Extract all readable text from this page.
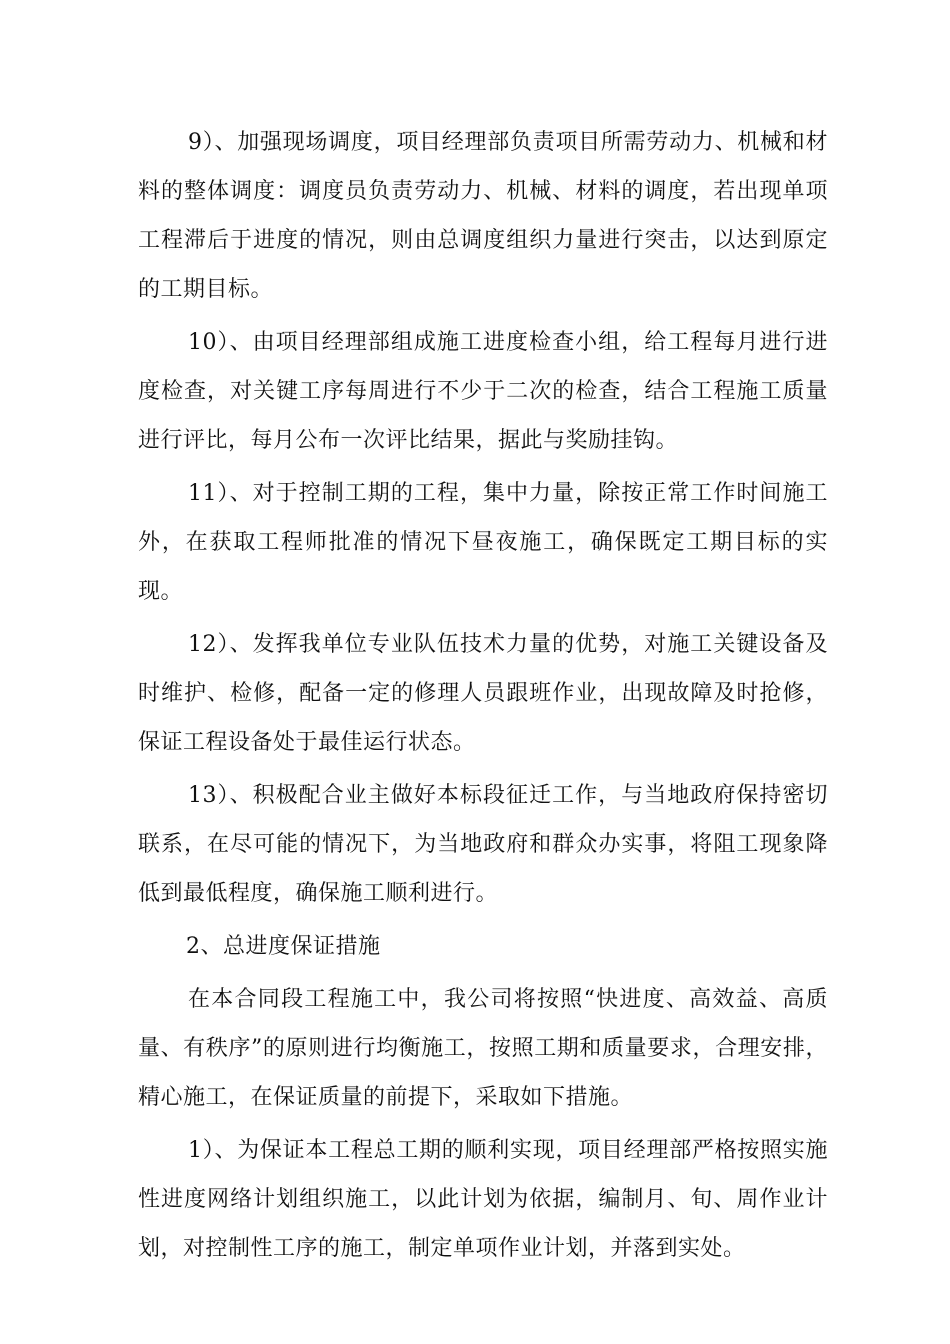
9）、加强现场调度，项目经理部负责项目所需劳动力、机械和材料的整体调度：调度员负责劳动力、机械、材料的调度，若出现单项工程滞后于进度的情况，则由总调度组织力量进行突击，以达到原定的工期目标。

10）、由项目经理部组成施工进度检查小组，给工程每月进行进度检查，对关键工序每周进行不少于二次的检查，结合工程施工质量进行评比，每月公布一次评比结果，据此与奖励挂钩。

11）、对于控制工期的工程，集中力量，除按正常工作时间施工外，在获取工程师批准的情况下昼夜施工，确保既定工期目标的实现。

12）、发挥我单位专业队伍技术力量的优势，对施工关键设备及时维护、检修，配备一定的修理人员跟班作业，出现故障及时抢修，保证工程设备处于最佳运行状态。

13）、积极配合业主做好本标段征迁工作，与当地政府保持密切联系，在尽可能的情况下，为当地政府和群众办实事，将阻工现象降低到最低程度，确保施工顺利进行。

2、总进度保证措施

在本合同段工程施工中，我公司将按照“快进度、高效益、高质量、有秩序”的原则进行均衡施工，按照工期和质量要求，合理安排，精心施工，在保证质量的前提下，采取如下措施。

1）、为保证本工程总工期的顺利实现，项目经理部严格按照实施性进度网络计划组织施工，以此计划为依据，编制月、旬、周作业计划，对控制性工序的施工，制定单项作业计划，并落到实处。
